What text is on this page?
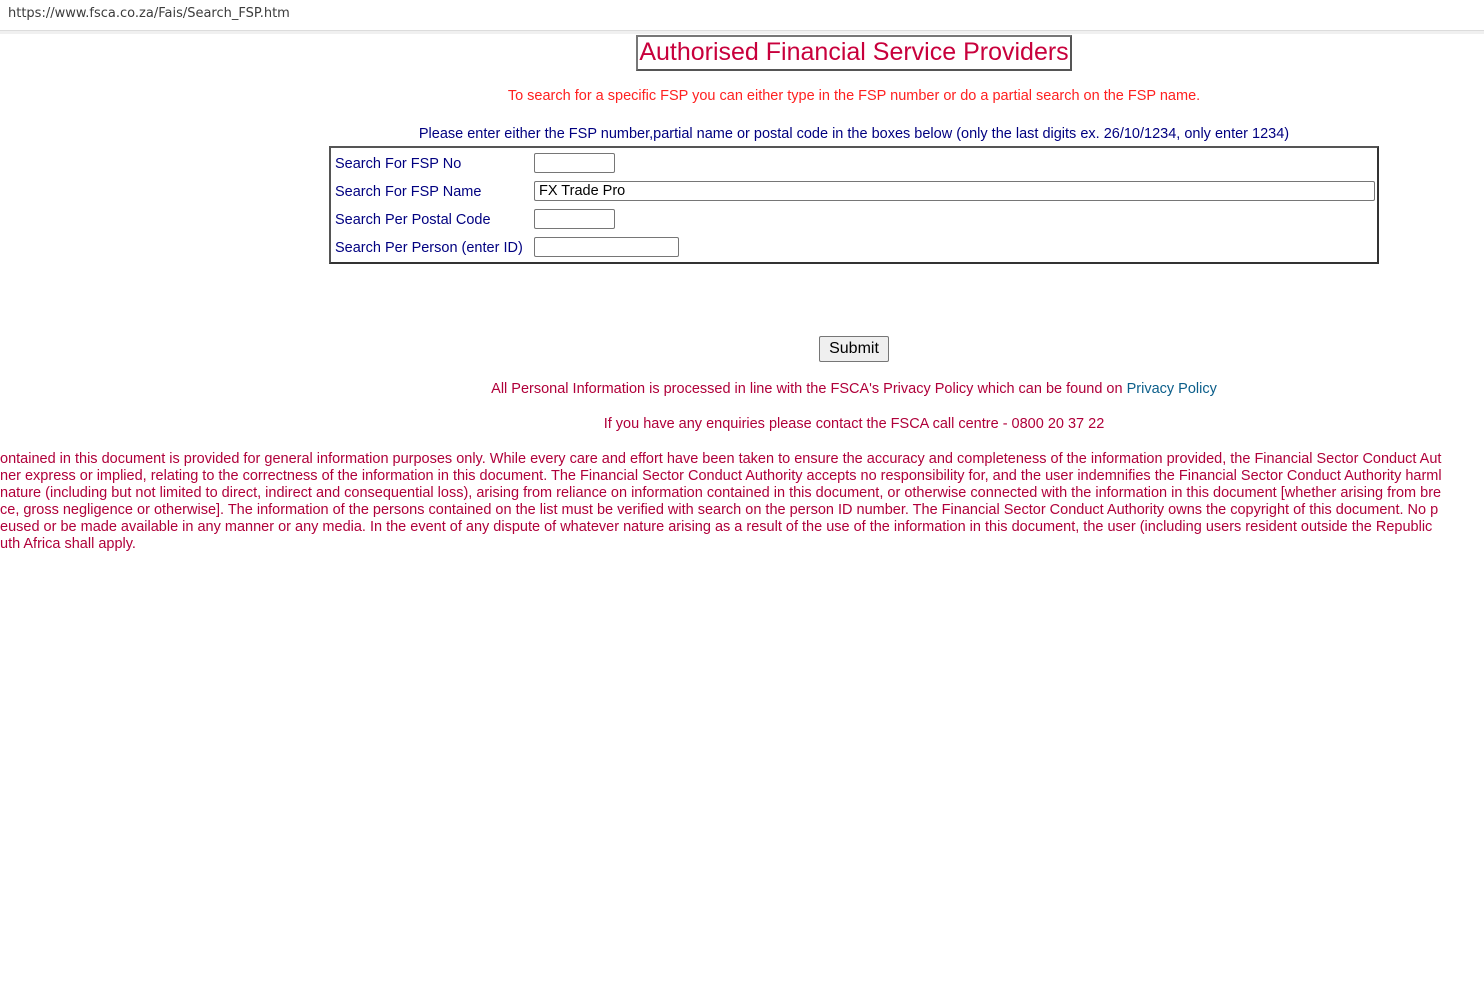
https://www.fsca.co.za/Fais/Search_FSP.htm
Authorised Financial Service Providers
To search for a specific FSP you can either type in the FSP number or do a partial search on the FSP name.
Please enter either the FSP number,partial name or postal code in the boxes below (only the last digits ex. 26/10/1234, only enter 1234)
Search For FSP No
Search For FSP Name
FX Trade Pro
Search Per Postal Code
Search Per Person (enter ID)
Submit
All Personal Information is processed in line with the FSCA's Privacy Policy which can be found on Privacy Policy
If you have any enquiries please contact the FSCA call centre - 0800 20 37 22
ontained in this document is provided for general information purposes only. While every care and effort have been taken to ensure the accuracy and completeness of the information provided, the Financial Sector Conduct Aut
ner express or implied, relating to the correctness of the information in this document. The Financial Sector Conduct Authority accepts no responsibility for, and the user indemnifies the Financial Sector Conduct Authority harml
nature (including but not limited to direct, indirect and consequential loss), arising from reliance on information contained in this document, or otherwise connected with the information in this document [whether arising from bre
ce, gross negligence or otherwise]. The information of the persons contained on the list must be verified with search on the person ID number. The Financial Sector Conduct Authority owns the copyright of this document. No p
eused or be made available in any manner or any media. In the event of any dispute of whatever nature arising as a result of the use of the information in this document, the user (including users resident outside the Republic
uth Africa shall apply.
